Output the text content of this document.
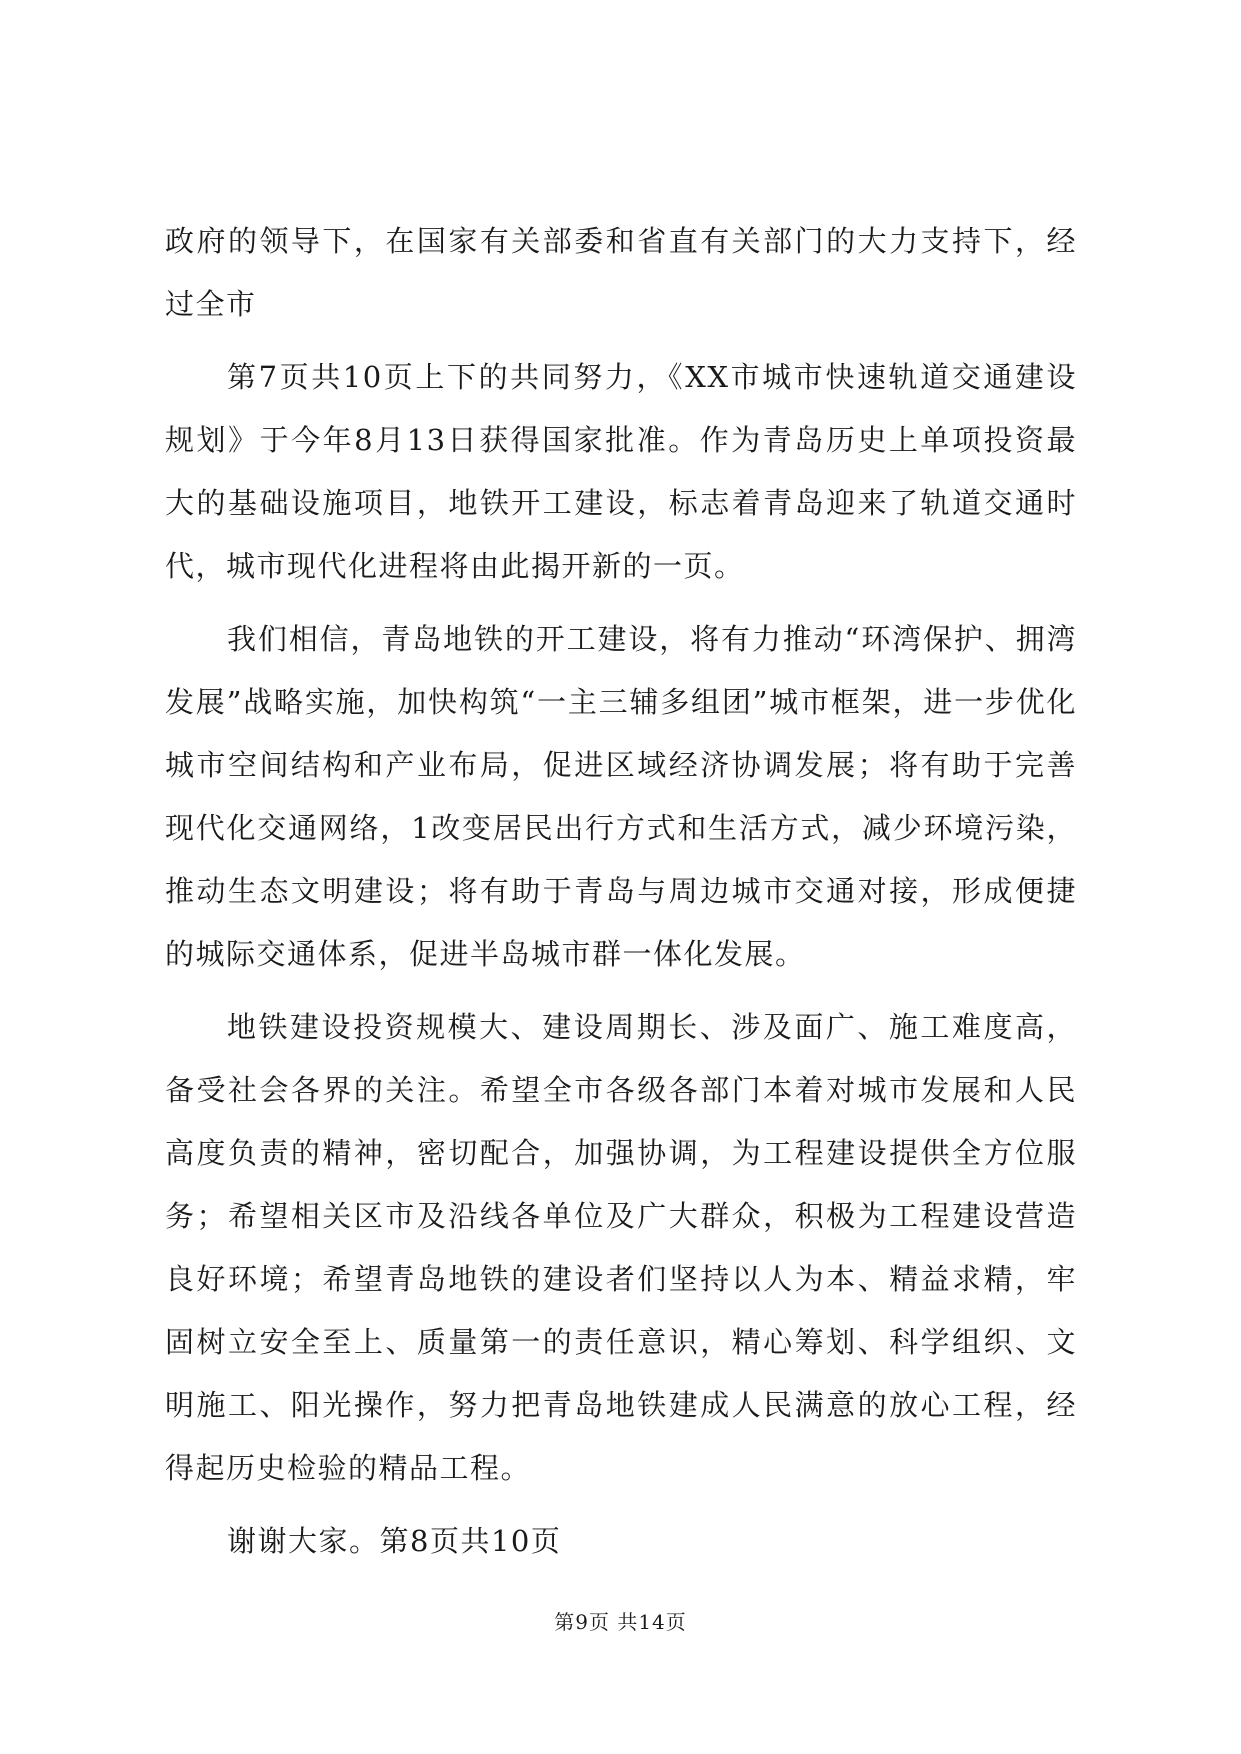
政府的领导下，在国家有关部委和省直有关部门的大力支持下，经过全市

第7页共10页上下的共同努力，《XX市城市快速轨道交通建设规划》于今年8月13日获得国家批准。作为青岛历史上单项投资最大的基础设施项目，地铁开工建设，标志着青岛迎来了轨道交通时代，城市现代化进程将由此揭开新的一页。

我们相信，青岛地铁的开工建设，将有力推动“环湾保护、拥湾发展”战略实施，加快构筑“一主三辅多组团”城市框架，进一步优化城市空间结构和产业布局，促进区域经济协调发展；将有助于完善现代化交通网络，1改变居民出行方式和生活方式，减少环境污染，推动生态文明建设；将有助于青岛与周边城市交通对接，形成便捷的城际交通体系，促进半岛城市群一体化发展。

地铁建设投资规模大、建设周期长、涉及面广、施工难度高，备受社会各界的关注。希望全市各级各部门本着对城市发展和人民高度负责的精神，密切配合，加强协调，为工程建设提供全方位服务；希望相关区市及沿线各单位及广大群众，积极为工程建设营造良好环境；希望青岛地铁的建设者们坚持以人为本、精益求精，牢固树立安全至上、质量第一的责任意识，精心筹划、科学组织、文明施工、阳光操作，努力把青岛地铁建成人民满意的放心工程，经得起历史检验的精品工程。

谢谢大家。第8页共10页

第9页 共14页
